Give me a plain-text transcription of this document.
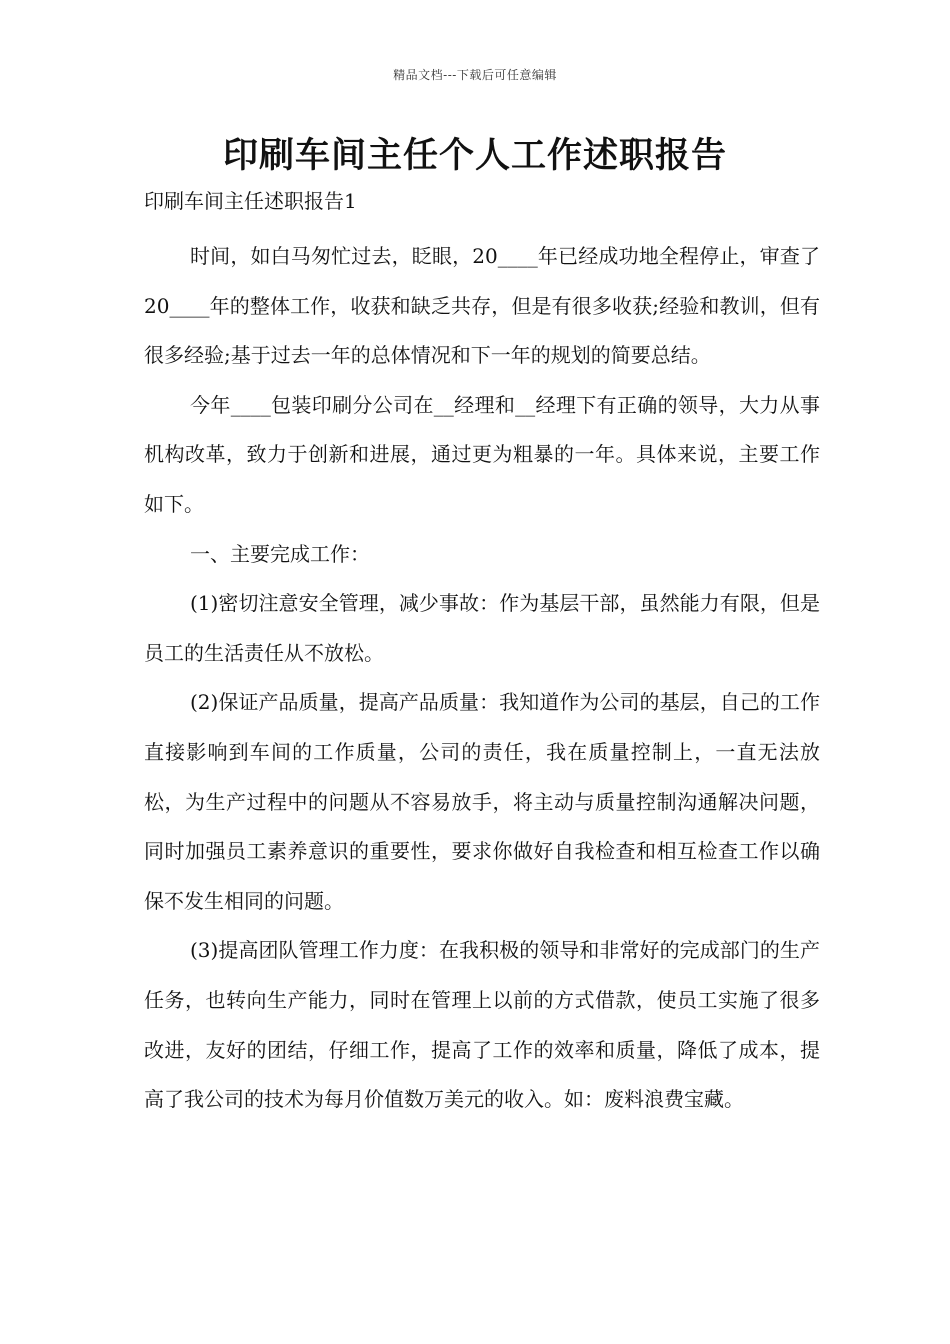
精品文档---下载后可任意编辑
印刷车间主任个人工作述职报告
印刷车间主任述职报告1

时间，如白马匆忙过去，眨眼，20____年已经成功地全程停止，审查了20____年的整体工作，收获和缺乏共存，但是有很多收获;经验和教训，但有很多经验;基于过去一年的总体情况和下一年的规划的简要总结。

今年____包装印刷分公司在__经理和__经理下有正确的领导，大力从事机构改革，致力于创新和进展，通过更为粗暴的一年。具体来说，主要工作如下。

一、主要完成工作：

(1)密切注意安全管理，减少事故：作为基层干部，虽然能力有限，但是员工的生活责任从不放松。

(2)保证产品质量，提高产品质量：我知道作为公司的基层，自己的工作直接影响到车间的工作质量，公司的责任，我在质量控制上，一直无法放松，为生产过程中的问题从不容易放手，将主动与质量控制沟通解决问题，同时加强员工素养意识的重要性，要求你做好自我检查和相互检查工作以确保不发生相同的问题。

(3)提高团队管理工作力度：在我积极的领导和非常好的完成部门的生产任务，也转向生产能力，同时在管理上以前的方式借款，使员工实施了很多改进，友好的团结，仔细工作，提高了工作的效率和质量，降低了成本，提高了我公司的技术为每月价值数万美元的收入。如：废料浪费宝藏。
